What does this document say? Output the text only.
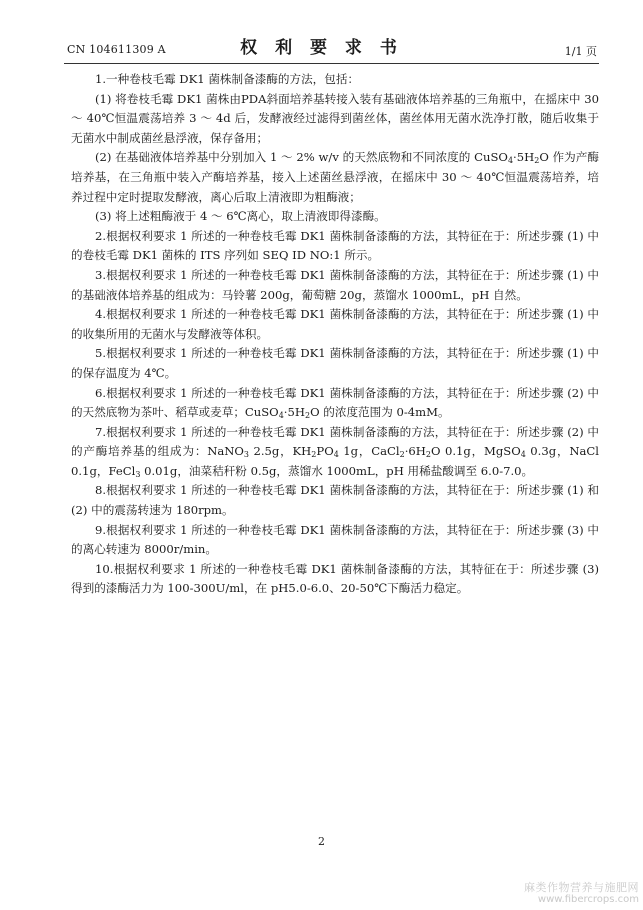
CN 104611309 A	权 利 要 求 书	1/1 页

1.一种卷枝毛霉 DK1 菌株制备漆酶的方法，包括：

(1) 将卷枝毛霉 DK1 菌株由PDA斜面培养基转接入装有基础液体培养基的三角瓶中，在摇床中 30 ～ 40℃恒温震荡培养 3 ～ 4d 后，发酵液经过滤得到菌丝体，菌丝体用无菌水洗净打散，随后收集于无菌水中制成菌丝悬浮液，保存备用；

(2) 在基础液体培养基中分别加入 1 ～ 2% w/v 的天然底物和不同浓度的 $CuSO_4\cdot 5H_2O$ 作为产酶培养基，在三角瓶中装入产酶培养基，接入上述菌丝悬浮液，在摇床中 30 ～ 40℃恒温震荡培养，培养过程中定时提取发酵液，离心后取上清液即为粗酶液；

(3) 将上述粗酶液于 4 ～ 6℃离心，取上清液即得漆酶。

2.根据权利要求 1 所述的一种卷枝毛霉 DK1 菌株制备漆酶的方法，其特征在于：所述步骤 (1) 中的卷枝毛霉 DK1 菌株的 ITS 序列如 SEQ ID NO:1 所示。

3.根据权利要求 1 所述的一种卷枝毛霉 DK1 菌株制备漆酶的方法，其特征在于：所述步骤 (1) 中的基础液体培养基的组成为：马铃薯 200g，葡萄糖 20g，蒸馏水 1000mL，pH 自然。

4.根据权利要求 1 所述的一种卷枝毛霉 DK1 菌株制备漆酶的方法，其特征在于：所述步骤 (1) 中的收集所用的无菌水与发酵液等体积。

5.根据权利要求 1 所述的一种卷枝毛霉 DK1 菌株制备漆酶的方法，其特征在于：所述步骤 (1) 中的保存温度为 4℃。

6.根据权利要求 1 所述的一种卷枝毛霉 DK1 菌株制备漆酶的方法，其特征在于：所述步骤 (2) 中的天然底物为茶叶、稻草或麦草；$CuSO_4\cdot 5H_2O$ 的浓度范围为 0-4mM。

7.根据权利要求 1 所述的一种卷枝毛霉 DK1 菌株制备漆酶的方法，其特征在于：所述步骤 (2) 中的产酶培养基的组成为：NaNO$_3$ 2.5g，$KH_2PO_4$ 1g，$CaCl_2\cdot 6H_2O$ 0.1g，MgSO$_4$ 0.3g，NaCl 0.1g，FeCl$_3$ 0.01g，油菜秸秆粉 0.5g，蒸馏水 1000mL，pH 用稀盐酸调至 6.0-7.0。

8.根据权利要求 1 所述的一种卷枝毛霉 DK1 菌株制备漆酶的方法，其特征在于：所述步骤 (1) 和 (2) 中的震荡转速为 180rpm。

9.根据权利要求 1 所述的一种卷枝毛霉 DK1 菌株制备漆酶的方法，其特征在于：所述步骤 (3) 中的离心转速为 8000r/min。

10.根据权利要求 1 所述的一种卷枝毛霉 DK1 菌株制备漆酶的方法，其特征在于：所述步骤 (3) 得到的漆酶活力为 100-300U/ml，在 pH5.0-6.0、20-50℃下酶活力稳定。

2
麻类作物营养与施肥网
www.fibercrops.com
